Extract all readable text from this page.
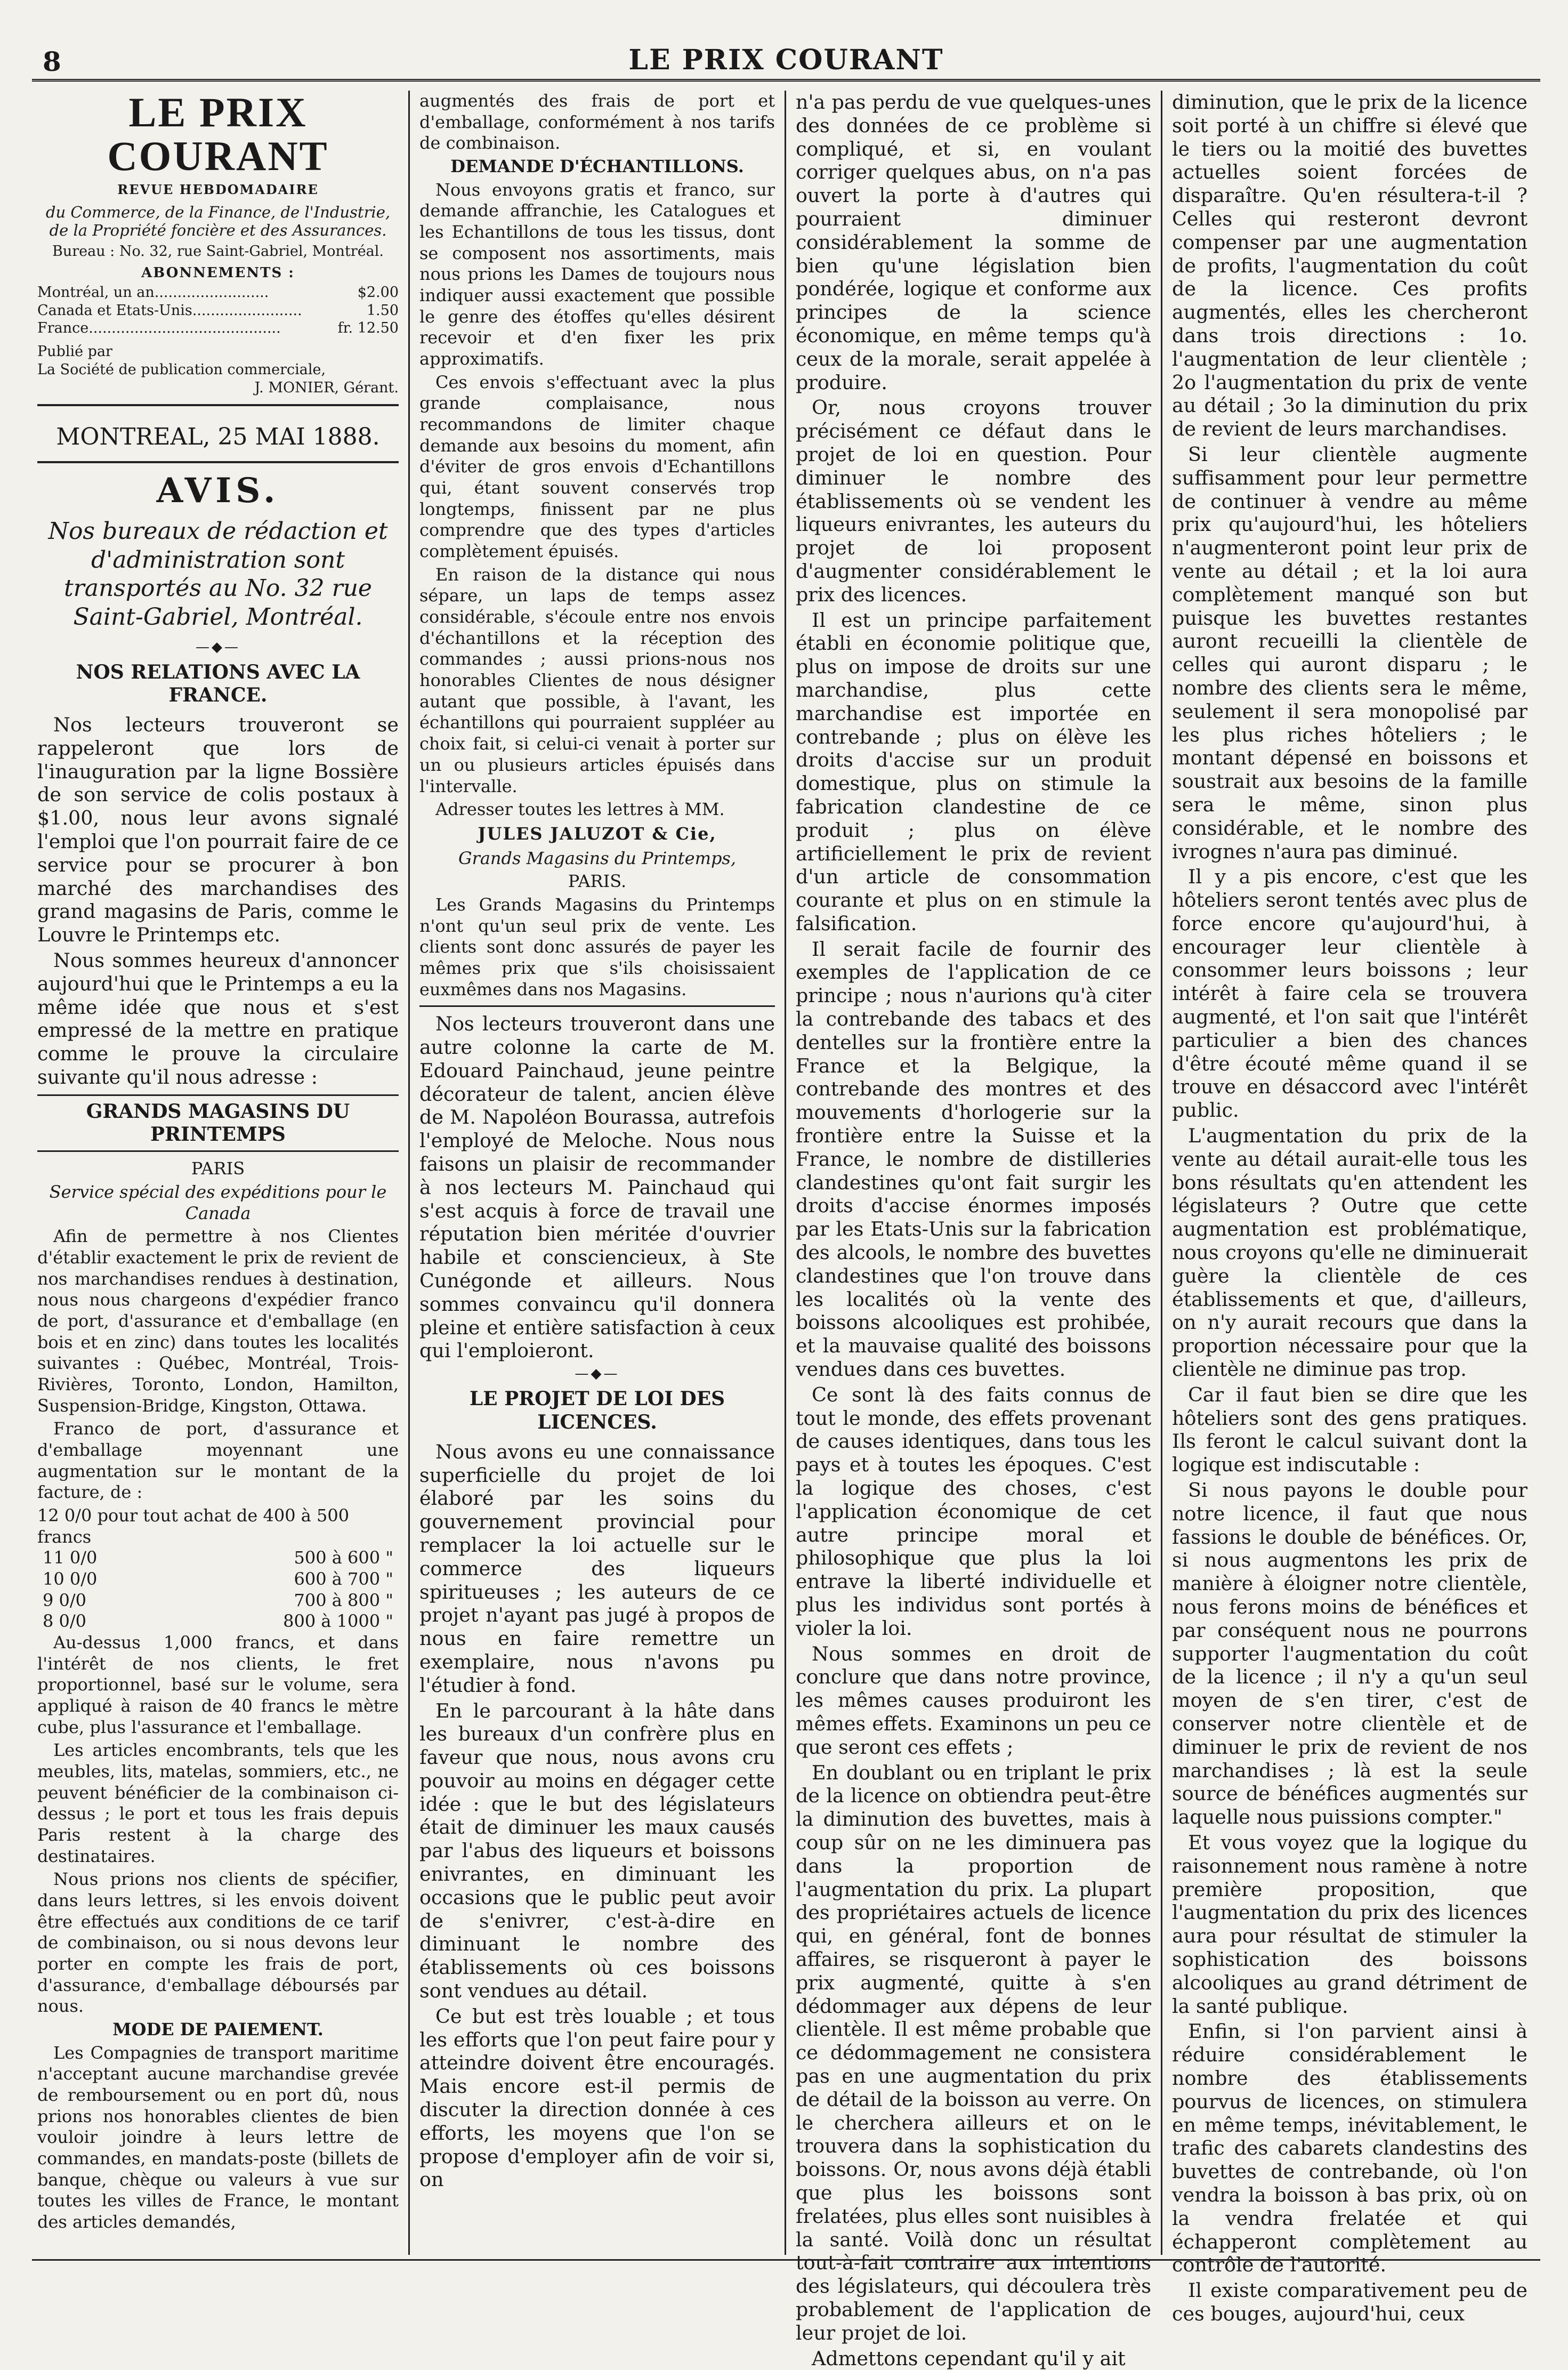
8	LE PRIX COURANT
LE PRIX COURANT
REVUE HEBDOMADAIRE
du Commerce, de la Finance, de l'Industrie, de la Propriété foncière et des Assurances.
Bureau : No. 32, rue Saint-Gabriel, Montréal.
ABONNEMENTS :
Montréal, un an.........................	$2.00
Canada et Etats-Unis........................	1.50
France..........................................	fr. 12.50
Publié par
La Société de publication commerciale,
J. MONIER, Gérant.
MONTREAL, 25 MAI 1888.
AVIS.
Nos bureaux de rédaction et d'administration sont transportés au No. 32 rue Saint-Gabriel, Montréal.
—◆—
NOS RELATIONS AVEC LA FRANCE.

Nos lecteurs trouveront se rappeleront que lors de l'inauguration par la ligne Bossière de son service de colis postaux à $1.00, nous leur avons signalé l'emploi que l'on pourrait faire de ce service pour se procurer à bon marché des marchandises des grand magasins de Paris, comme le Louvre le Printemps etc.

Nous sommes heureux d'annoncer aujourd'hui que le Printemps a eu la même idée que nous et s'est empressé de la mettre en pratique comme le prouve la circulaire suivante qu'il nous adresse :

GRANDS MAGASINS DU PRINTEMPS

PARIS

Service spécial des expéditions pour le Canada

Afin de permettre à nos Clientes d'établir exactement le prix de revient de nos marchandises rendues à destination, nous nous chargeons d'expédier franco de port, d'assurance et d'emballage (en bois et en zinc) dans toutes les localités suivantes : Québec, Montréal, Trois-Rivières, Toronto, London, Hamilton, Suspension-Bridge, Kingston, Ottawa.

Franco de port, d'assurance et d'emballage moyennant une augmentation sur le montant de la facture, de :

12 0/0 pour tout achat de 400 à 500 francs
11 0/0	500 à 600 "
10 0/0	600 à 700 "
9 0/0	700 à 800 "
8 0/0	800 à 1000 "

Au-dessus 1,000 francs, et dans l'intérêt de nos clients, le fret proportionnel, basé sur le volume, sera appliqué à raison de 40 francs le mètre cube, plus l'assurance et l'emballage.

Les articles encombrants, tels que les meubles, lits, matelas, sommiers, etc., ne peuvent bénéficier de la combinaison ci-dessus ; le port et tous les frais depuis Paris restent à la charge des destinataires.

Nous prions nos clients de spécifier, dans leurs lettres, si les envois doivent être effectués aux conditions de ce tarif de combinaison, ou si nous devons leur porter en compte les frais de port, d'assurance, d'emballage déboursés par nous.

MODE DE PAIEMENT.

Les Compagnies de transport maritime n'acceptant aucune marchandise grevée de remboursement ou en port dû, nous prions nos honorables clientes de bien vouloir joindre à leurs lettre de commandes, en mandats-poste (billets de banque, chèque ou valeurs à vue sur toutes les villes de France, le montant des articles demandés,

augmentés des frais de port et d'emballage, conformément à nos tarifs de combinaison.

DEMANDE D'ÉCHANTILLONS.

Nous envoyons gratis et franco, sur demande affranchie, les Catalogues et les Echantillons de tous les tissus, dont se composent nos assortiments, mais nous prions les Dames de toujours nous indiquer aussi exactement que possible le genre des étoffes qu'elles désirent recevoir et d'en fixer les prix approximatifs.

Ces envois s'effectuant avec la plus grande complaisance, nous recommandons de limiter chaque demande aux besoins du moment, afin d'éviter de gros envois d'Echantillons qui, étant souvent conservés trop longtemps, finissent par ne plus comprendre que des types d'articles complètement épuisés.

En raison de la distance qui nous sépare, un laps de temps assez considérable, s'écoule entre nos envois d'échantillons et la réception des commandes ; aussi prions-nous nos honorables Clientes de nous désigner autant que possible, à l'avant, les échantillons qui pourraient suppléer au choix fait, si celui-ci venait à porter sur un ou plusieurs articles épuisés dans l'intervalle.

Adresser toutes les lettres à MM.

JULES JALUZOT & Cie,

Grands Magasins du Printemps,

PARIS.

Les Grands Magasins du Printemps n'ont qu'un seul prix de vente. Les clients sont donc assurés de payer les mêmes prix que s'ils choisissaient euxmêmes dans nos Magasins.

Nos lecteurs trouveront dans une autre colonne la carte de M. Edouard Painchaud, jeune peintre décorateur de talent, ancien élève de M. Napoléon Bourassa, autrefois l'employé de Meloche. Nous nous faisons un plaisir de recommander à nos lecteurs M. Painchaud qui s'est acquis à force de travail une réputation bien méritée d'ouvrier habile et consciencieux, à Ste Cunégonde et ailleurs. Nous sommes convaincu qu'il donnera pleine et entière satisfaction à ceux qui l'emploieront.

—◆—
LE PROJET DE LOI DES LICENCES.

Nous avons eu une connaissance superficielle du projet de loi élaboré par les soins du gouvernement provincial pour remplacer la loi actuelle sur le commerce des liqueurs spiritueuses ; les auteurs de ce projet n'ayant pas jugé à propos de nous en faire remettre un exemplaire, nous n'avons pu l'étudier à fond.

En le parcourant à la hâte dans les bureaux d'un confrère plus en faveur que nous, nous avons cru pouvoir au moins en dégager cette idée : que le but des législateurs était de diminuer les maux causés par l'abus des liqueurs et boissons enivrantes, en diminuant les occasions que le public peut avoir de s'enivrer, c'est-à-dire en diminuant le nombre des établissements où ces boissons sont vendues au détail.

Ce but est très louable ; et tous les efforts que l'on peut faire pour y atteindre doivent être encouragés. Mais encore est-il permis de discuter la direction donnée à ces efforts, les moyens que l'on se propose d'employer afin de voir si, on

n'a pas perdu de vue quelques-unes des données de ce problème si compliqué, et si, en voulant corriger quelques abus, on n'a pas ouvert la porte à d'autres qui pourraient diminuer considérablement la somme de bien qu'une législation bien pondérée, logique et conforme aux principes de la science économique, en même temps qu'à ceux de la morale, serait appelée à produire.

Or, nous croyons trouver précisément ce défaut dans le projet de loi en question. Pour diminuer le nombre des établissements où se vendent les liqueurs enivrantes, les auteurs du projet de loi proposent d'augmenter considérablement le prix des licences.

Il est un principe parfaitement établi en économie politique que, plus on impose de droits sur une marchandise, plus cette marchandise est importée en contrebande ; plus on élève les droits d'accise sur un produit domestique, plus on stimule la fabrication clandestine de ce produit ; plus on élève artificiellement le prix de revient d'un article de consommation courante et plus on en stimule la falsification.

Il serait facile de fournir des exemples de l'application de ce principe ; nous n'aurions qu'à citer la contrebande des tabacs et des dentelles sur la frontière entre la France et la Belgique, la contrebande des montres et des mouvements d'horlogerie sur la frontière entre la Suisse et la France, le nombre de distilleries clandestines qu'ont fait surgir les droits d'accise énormes imposés par les Etats-Unis sur la fabrication des alcools, le nombre des buvettes clandestines que l'on trouve dans les localités où la vente des boissons alcooliques est prohibée, et la mauvaise qualité des boissons vendues dans ces buvettes.

Ce sont là des faits connus de tout le monde, des effets provenant de causes identiques, dans tous les pays et à toutes les époques. C'est la logique des choses, c'est l'application économique de cet autre principe moral et philosophique que plus la loi entrave la liberté individuelle et plus les individus sont portés à violer la loi.

Nous sommes en droit de conclure que dans notre province, les mêmes causes produiront les mêmes effets. Examinons un peu ce que seront ces effets ;

En doublant ou en triplant le prix de la licence on obtiendra peut-être la diminution des buvettes, mais à coup sûr on ne les diminuera pas dans la proportion de l'augmentation du prix. La plupart des propriétaires actuels de licence qui, en général, font de bonnes affaires, se risqueront à payer le prix augmenté, quitte à s'en dédommager aux dépens de leur clientèle. Il est même probable que ce dédommagement ne consistera pas en une augmentation du prix de détail de la boisson au verre. On le cherchera ailleurs et on le trouvera dans la sophistication du boissons. Or, nous avons déjà établi que plus les boissons sont frelatées, plus elles sont nuisibles à la santé. Voilà donc un résultat tout-à-fait contraire aux intentions des législateurs, qui découlera très probablement de l'application de leur projet de loi.

Admettons cependant qu'il y ait

diminution, que le prix de la licence soit porté à un chiffre si élevé que le tiers ou la moitié des buvettes actuelles soient forcées de disparaître. Qu'en résultera-t-il ? Celles qui resteront devront compenser par une augmentation de profits, l'augmentation du coût de la licence. Ces profits augmentés, elles les chercheront dans trois directions : 1o. l'augmentation de leur clientèle ; 2o l'augmentation du prix de vente au détail ; 3o la diminution du prix de revient de leurs marchandises.

Si leur clientèle augmente suffisamment pour leur permettre de continuer à vendre au même prix qu'aujourd'hui, les hôteliers n'augmenteront point leur prix de vente au détail ; et la loi aura complètement manqué son but puisque les buvettes restantes auront recueilli la clientèle de celles qui auront disparu ; le nombre des clients sera le même, seulement il sera monopolisé par les plus riches hôteliers ; le montant dépensé en boissons et soustrait aux besoins de la famille sera le même, sinon plus considérable, et le nombre des ivrognes n'aura pas diminué.

Il y a pis encore, c'est que les hôteliers seront tentés avec plus de force encore qu'aujourd'hui, à encourager leur clientèle à consommer leurs boissons ; leur intérêt à faire cela se trouvera augmenté, et l'on sait que l'intérêt particulier a bien des chances d'être écouté même quand il se trouve en désaccord avec l'intérêt public.

L'augmentation du prix de la vente au détail aurait-elle tous les bons résultats qu'en attendent les législateurs ? Outre que cette augmentation est problématique, nous croyons qu'elle ne diminuerait guère la clientèle de ces établissements et que, d'ailleurs, on n'y aurait recours que dans la proportion nécessaire pour que la clientèle ne diminue pas trop.

Car il faut bien se dire que les hôteliers sont des gens pratiques. Ils feront le calcul suivant dont la logique est indiscutable :

Si nous payons le double pour notre licence, il faut que nous fassions le double de bénéfices. Or, si nous augmentons les prix de manière à éloigner notre clientèle, nous ferons moins de bénéfices et par conséquent nous ne pourrons supporter l'augmentation du coût de la licence ; il n'y a qu'un seul moyen de s'en tirer, c'est de conserver notre clientèle et de diminuer le prix de revient de nos marchandises ; là est la seule source de bénéfices augmentés sur laquelle nous puissions compter."

Et vous voyez que la logique du raisonnement nous ramène à notre première proposition, que l'augmentation du prix des licences aura pour résultat de stimuler la sophistication des boissons alcooliques au grand détriment de la santé publique.

Enfin, si l'on parvient ainsi à réduire considérablement le nombre des établissements pourvus de licences, on stimulera en même temps, inévitablement, le trafic des cabarets clandestins des buvettes de contrebande, où l'on vendra la boisson à bas prix, où on la vendra frelatée et qui échapperont complètement au contrôle de l'autorité.

Il existe comparativement peu de ces bouges, aujourd'hui, ceux
